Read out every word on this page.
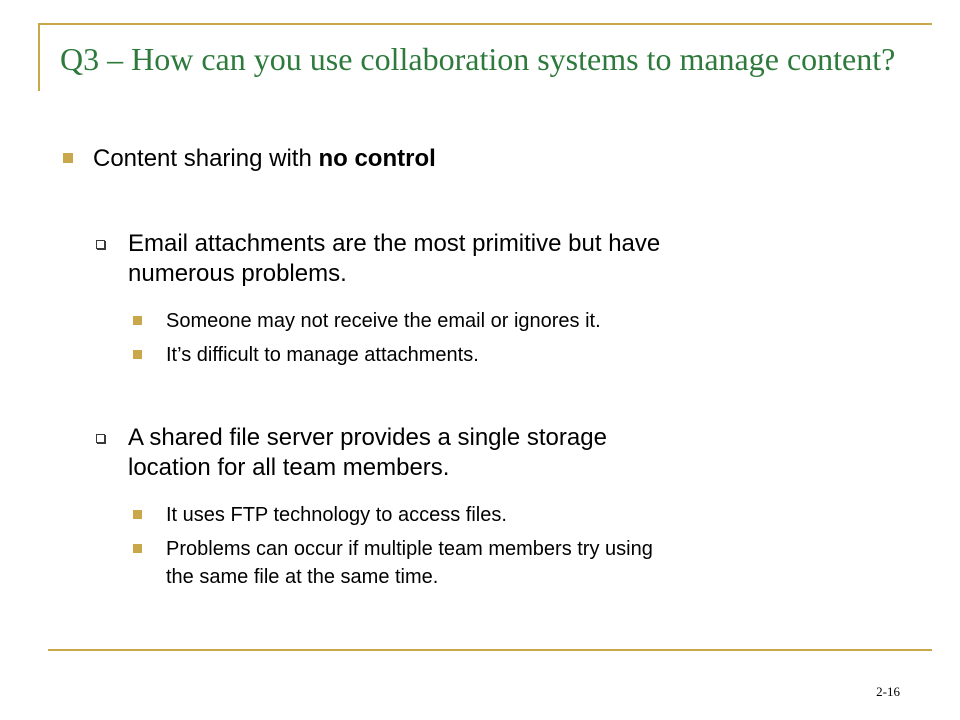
Q3 – How can you use collaboration systems to manage content?
Content sharing with no control
Email attachments are the most primitive but have
numerous problems.
Someone may not receive the email or ignores it.
It’s difficult to manage attachments.
A shared file server provides a single storage
location for all team members.
It uses FTP technology to access files.
Problems can occur if multiple team members try using
the same file at the same time.
2-16
